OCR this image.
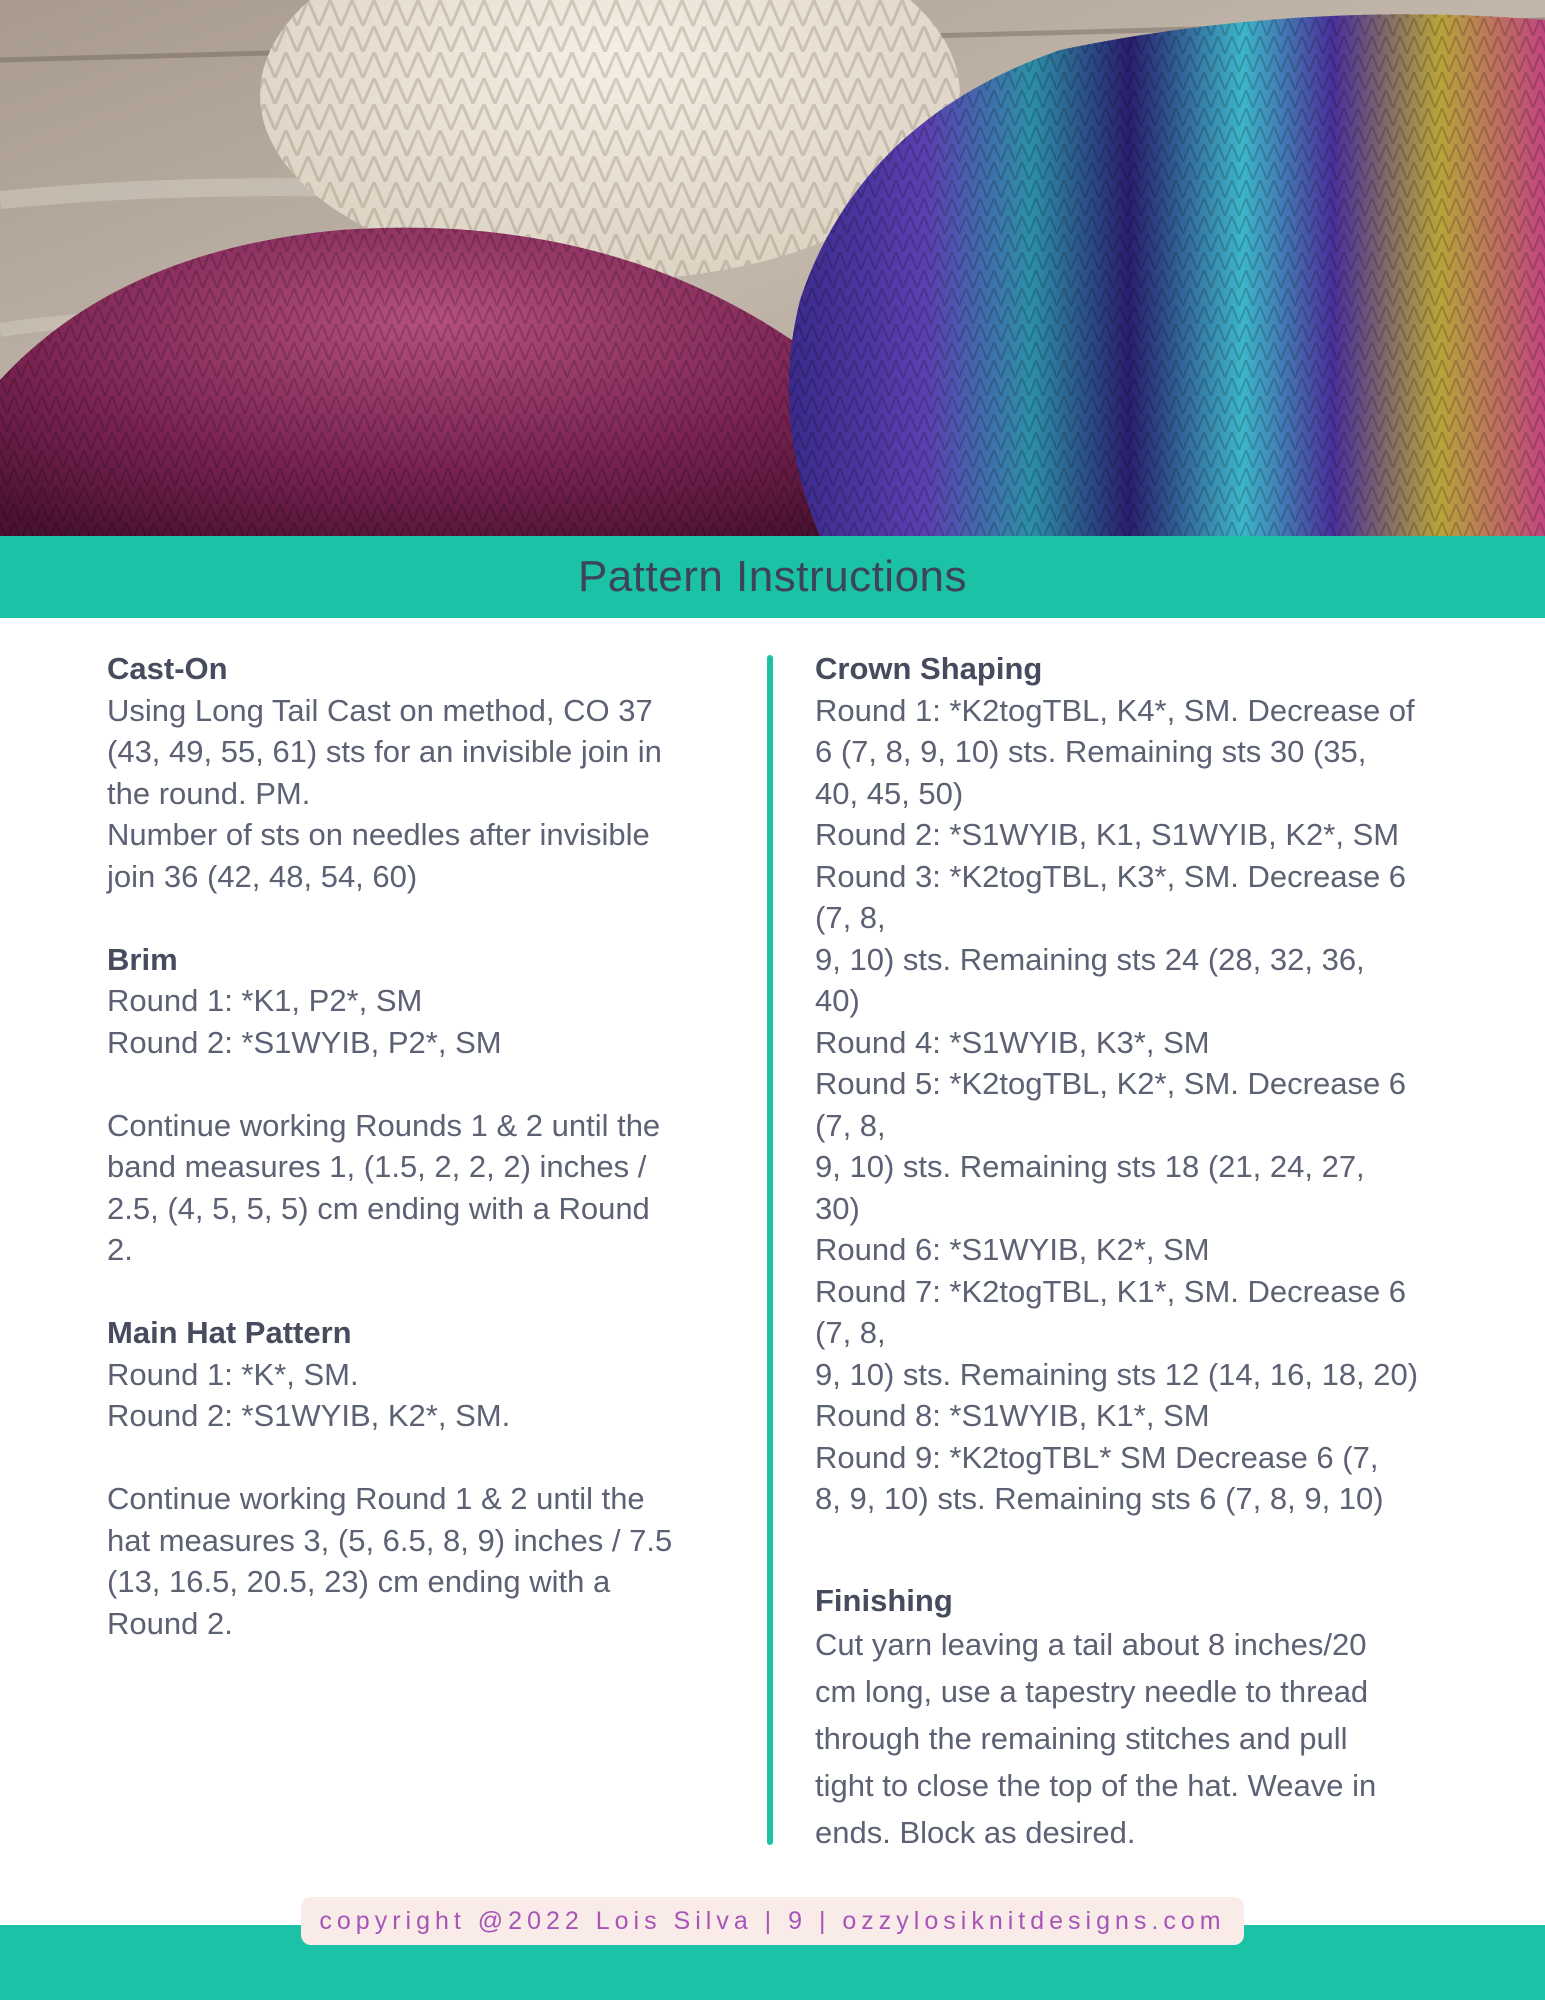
Pattern Instructions
Cast-On
Using Long Tail Cast on method, CO 37
(43, 49, 55, 61) sts for an invisible join in
the round. PM.
Number of sts on needles after invisible
join 36 (42, 48, 54, 60)
Brim
Round 1: *K1, P2*, SM
Round 2: *S1WYIB, P2*, SM
Continue working Rounds 1 & 2 until the
band measures 1, (1.5, 2, 2, 2) inches /
2.5, (4, 5, 5, 5) cm ending with a Round
2.
Main Hat Pattern
Round 1: *K*, SM.
Round 2: *S1WYIB, K2*, SM.
Continue working Round 1 & 2 until the
hat measures 3, (5, 6.5, 8, 9) inches / 7.5
(13, 16.5, 20.5, 23) cm ending with a
Round 2.
Crown Shaping
Round 1: *K2togTBL, K4*, SM. Decrease of
6 (7, 8, 9, 10) sts. Remaining sts 30 (35,
40, 45, 50)
Round 2: *S1WYIB, K1, S1WYIB, K2*, SM
Round 3: *K2togTBL, K3*, SM. Decrease 6
(7, 8,
9, 10) sts. Remaining sts 24 (28, 32, 36,
40)
Round 4: *S1WYIB, K3*, SM
Round 5: *K2togTBL, K2*, SM. Decrease 6
(7, 8,
9, 10) sts. Remaining sts 18 (21, 24, 27,
30)
Round 6: *S1WYIB, K2*, SM
Round 7: *K2togTBL, K1*, SM. Decrease 6
(7, 8,
9, 10) sts. Remaining sts 12 (14, 16, 18, 20)
Round 8: *S1WYIB, K1*, SM
Round 9: *K2togTBL* SM Decrease 6 (7,
8, 9, 10) sts. Remaining sts 6 (7, 8, 9, 10)
Finishing
Cut yarn leaving a tail about 8 inches/20
cm long, use a tapestry needle to thread
through the remaining stitches and pull
tight to close the top of the hat. Weave in
ends. Block as desired.
copyright @2022 Lois Silva | 9 | ozzylosiknitdesigns.com
